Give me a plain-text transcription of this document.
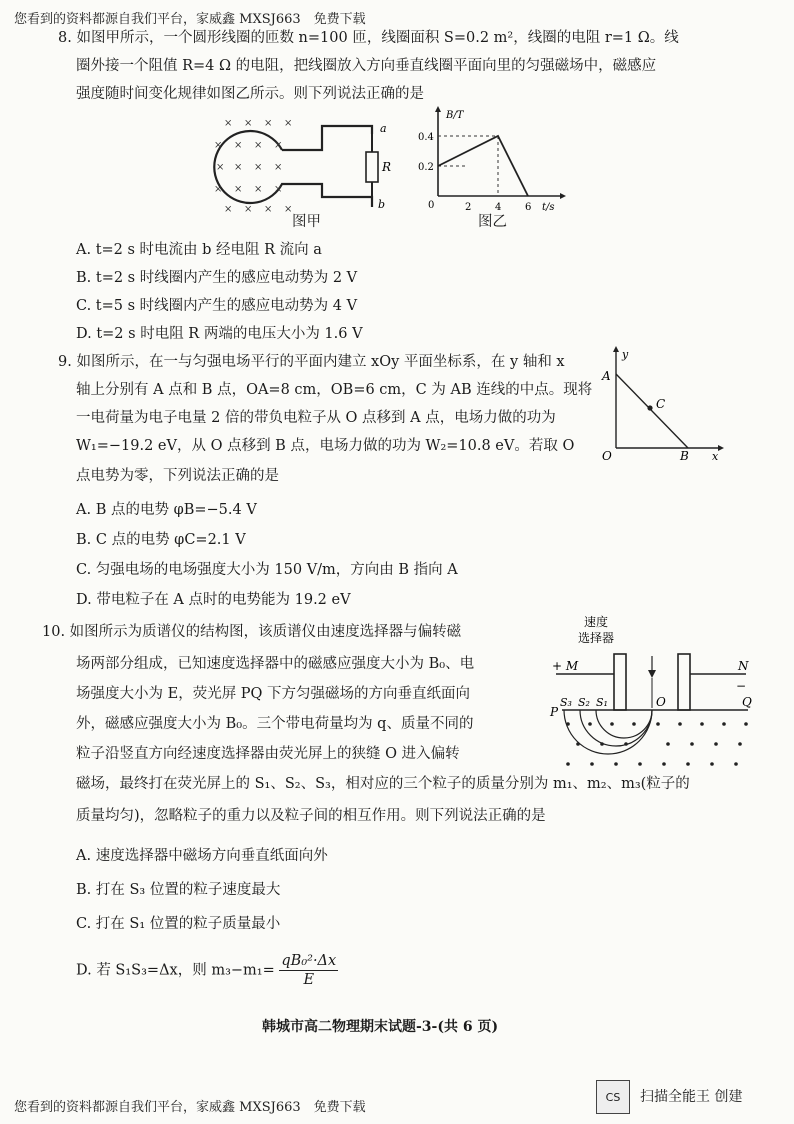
您看到的资料都源自我们平台，家威鑫 MXSJ663　免费下载
8. 如图甲所示，一个圆形线圈的匝数 n=100 匝，线圈面积 S=0.2 m²，线圈的电阻 r=1 Ω。线
圈外接一个阻值 R=4 Ω 的电阻，把线圈放入方向垂直线圈平面向里的匀强磁场中，磁感应
强度随时间变化规律如图乙所示。则下列说法正确的是
× × × ×
× × × ×
× × × ×
× × × ×
× × × ×
a
R
b
图甲
B/T
0.4
0.2
0	2 4 6 t/s
图乙
A. t=2 s 时电流由 b 经电阻 R 流向 a
B. t=2 s 时线圈内产生的感应电动势为 2 V
C. t=5 s 时线圈内产生的感应电动势为 4 V
D. t=2 s 时电阻 R 两端的电压大小为 1.6 V
9. 如图所示，在一与匀强电场平行的平面内建立 xOy 平面坐标系，在 y 轴和 x
轴上分别有 A 点和 B 点，OA=8 cm，OB=6 cm，C 为 AB 连线的中点。现将
一电荷量为电子电量 2 倍的带负电粒子从 O 点移到 A 点，电场力做的功为
W₁=−19.2 eV，从 O 点移到 B 点，电场力做的功为 W₂=10.8 eV。若取 O
点电势为零，下列说法正确的是
y
A
C
O	B x
A. B 点的电势 φB=−5.4 V
B. C 点的电势 φC=2.1 V
C. 匀强电场的电场强度大小为 150 V/m，方向由 B 指向 A
D. 带电粒子在 A 点时的电势能为 19.2 eV
10. 如图所示为质谱仪的结构图，该质谱仪由速度选择器与偏转磁
场两部分组成，已知速度选择器中的磁感应强度大小为 B₀、电
场强度大小为 E，荧光屏 PQ 下方匀强磁场的方向垂直纸面向
外，磁感应强度大小为 B₀。三个带电荷量均为 q、质量不同的
粒子沿竖直方向经速度选择器由荧光屏上的狭缝 O 进入偏转
磁场，最终打在荧光屏上的 S₁、S₂、S₃，相对应的三个粒子的质量分别为 m₁、m₂、m₃(粒子的
质量均匀)，忽略粒子的重力以及粒子间的相互作用。则下列说法正确的是
速度
选择器
+ M	N
−
P
Q
O
S₃ S₂ S₁
A. 速度选择器中磁场方向垂直纸面向外
B. 打在 S₃ 位置的粒子速度最大
C. 打在 S₁ 位置的粒子质量最小
D. 若 S₁S₃=Δx，则 $m_3-m_1= \frac{\text{qB₀²·Δx}}{E}$
韩城市高二物理期末试题-3-(共 6 页)
您看到的资料都源自我们平台，家威鑫 MXSJ663　免费下载
CS	扫描全能王 创建
